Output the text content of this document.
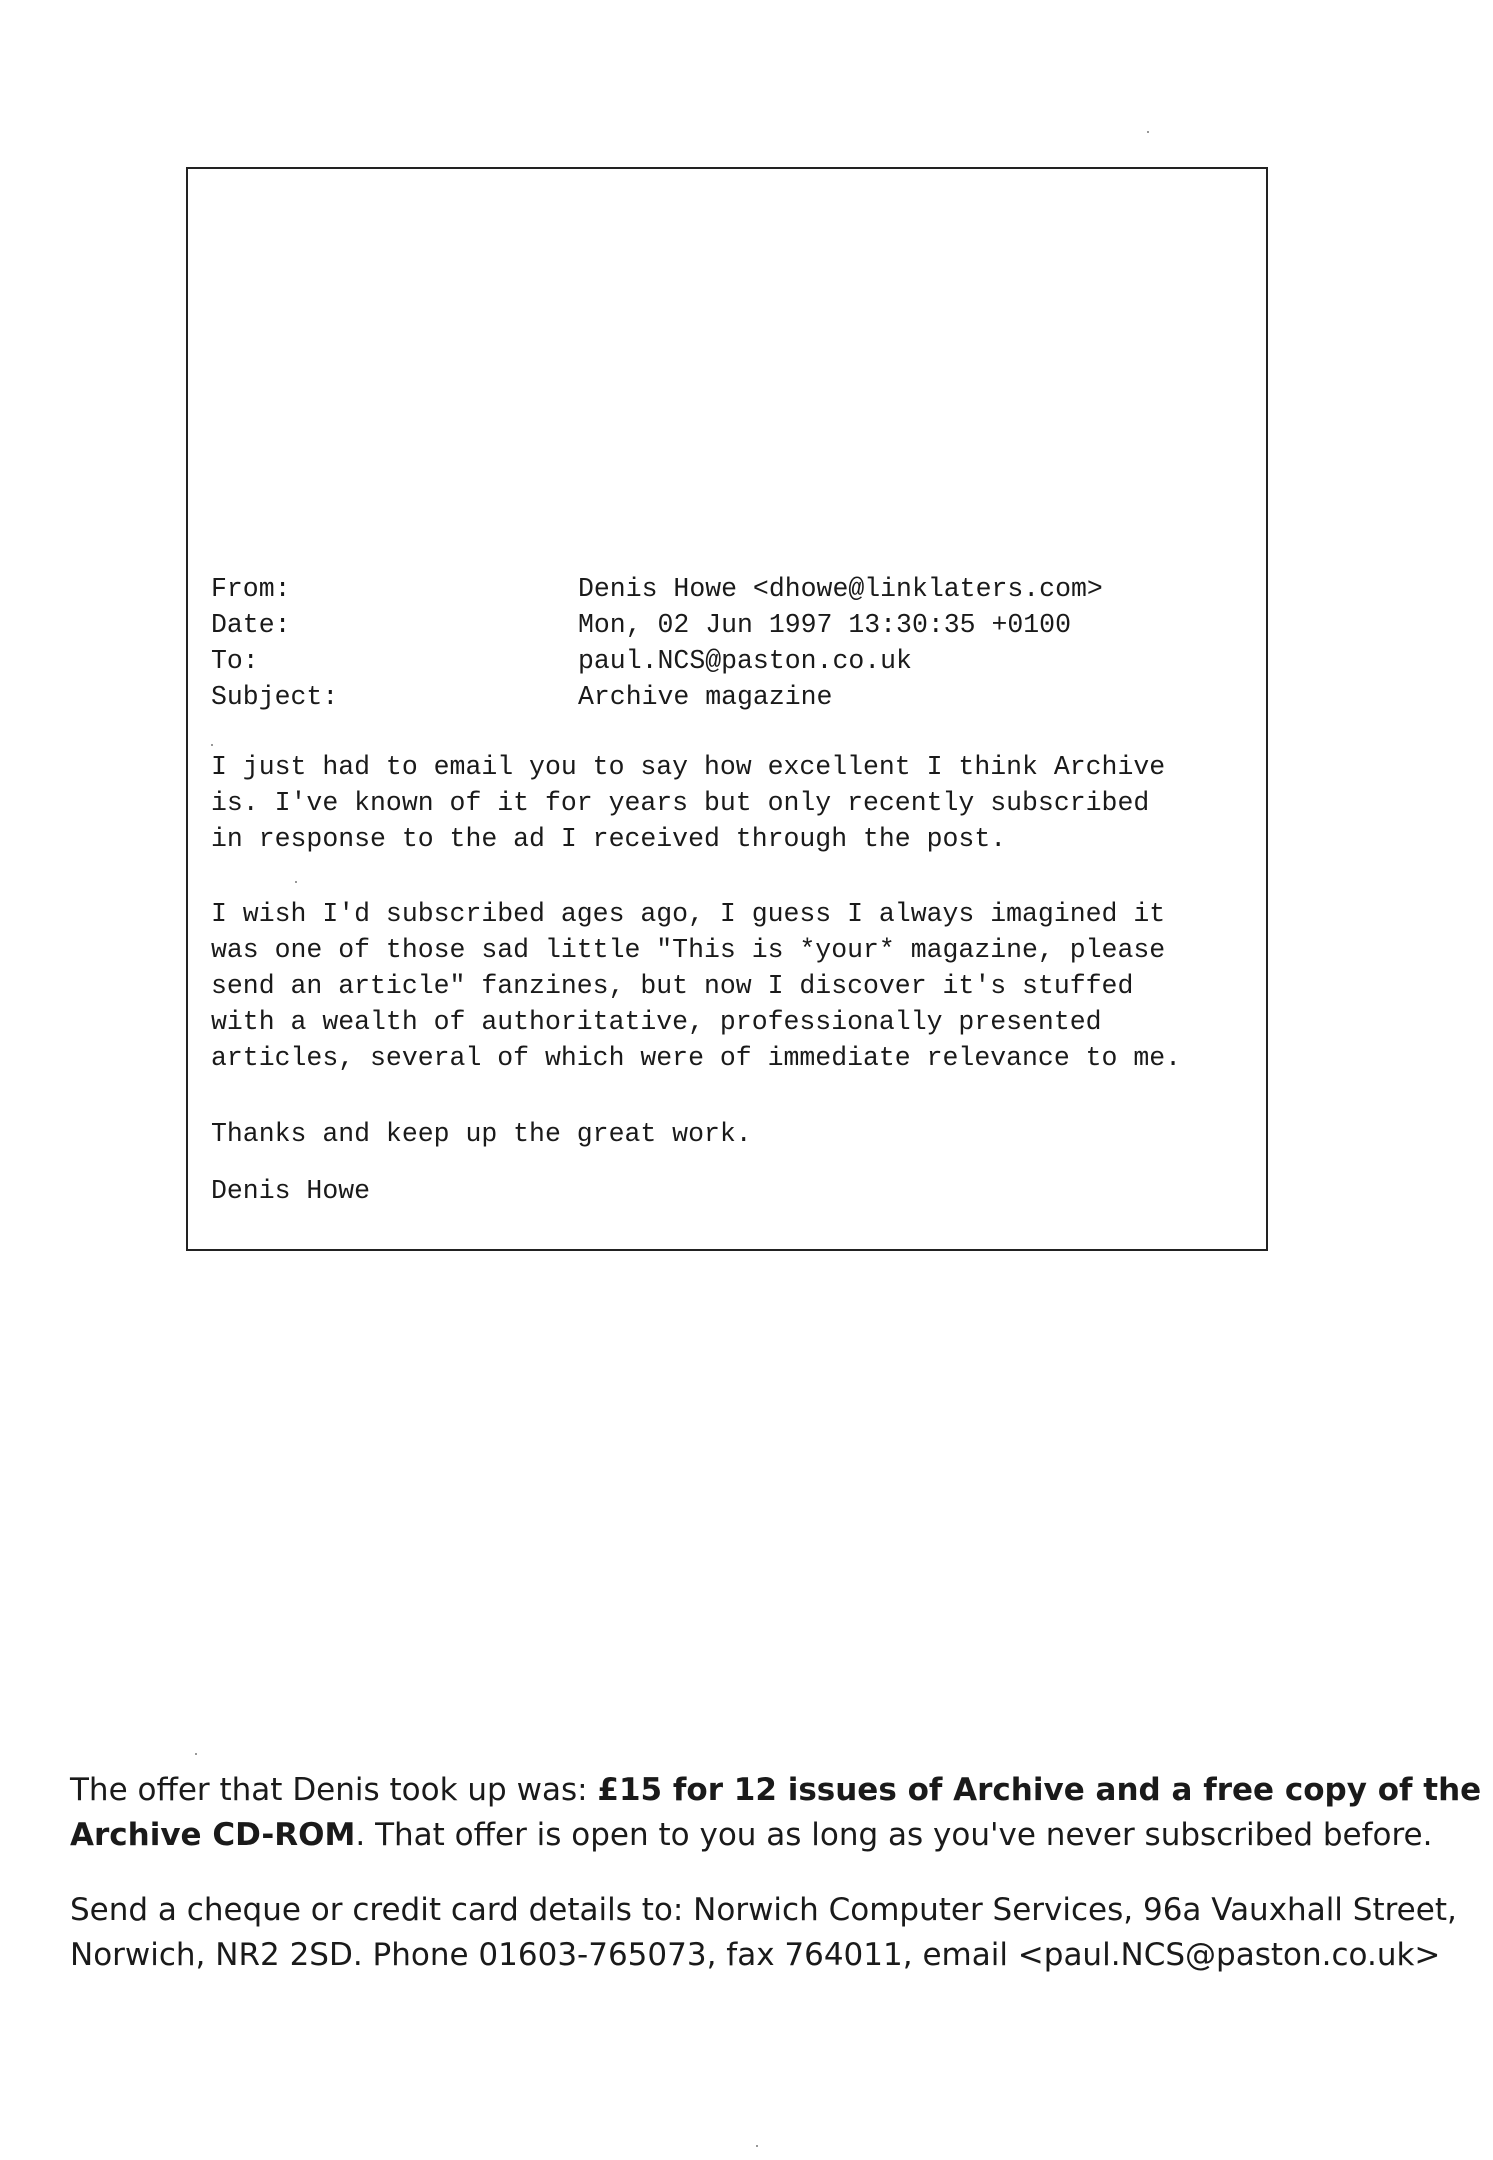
From:	Denis Howe <dhowe@linklaters.com>
Date:	Mon, 02 Jun 1997 13:30:35 +0100
To:	paul.NCS@paston.co.uk
Subject:	Archive magazine
I just had to email you to say how excellent I think Archive
is. I've known of it for years but only recently subscribed
in response to the ad I received through the post.
I wish I'd subscribed ages ago, I guess I always imagined it
was one of those sad little "This is *your* magazine, please
send an article" fanzines, but now I discover it's stuffed
with a wealth of authoritative, professionally presented
articles, several of which were of immediate relevance to me.
Thanks and keep up the great work.
Denis Howe
The offer that Denis took up was: £15 for 12 issues of Archive and a free copy of the
Archive CD-ROM. That offer is open to you as long as you've never subscribed before.
Send a cheque or credit card details to: Norwich Computer Services, 96a Vauxhall Street,
Norwich, NR2 2SD. Phone 01603-765073, fax 764011, email <paul.NCS@paston.co.uk>
